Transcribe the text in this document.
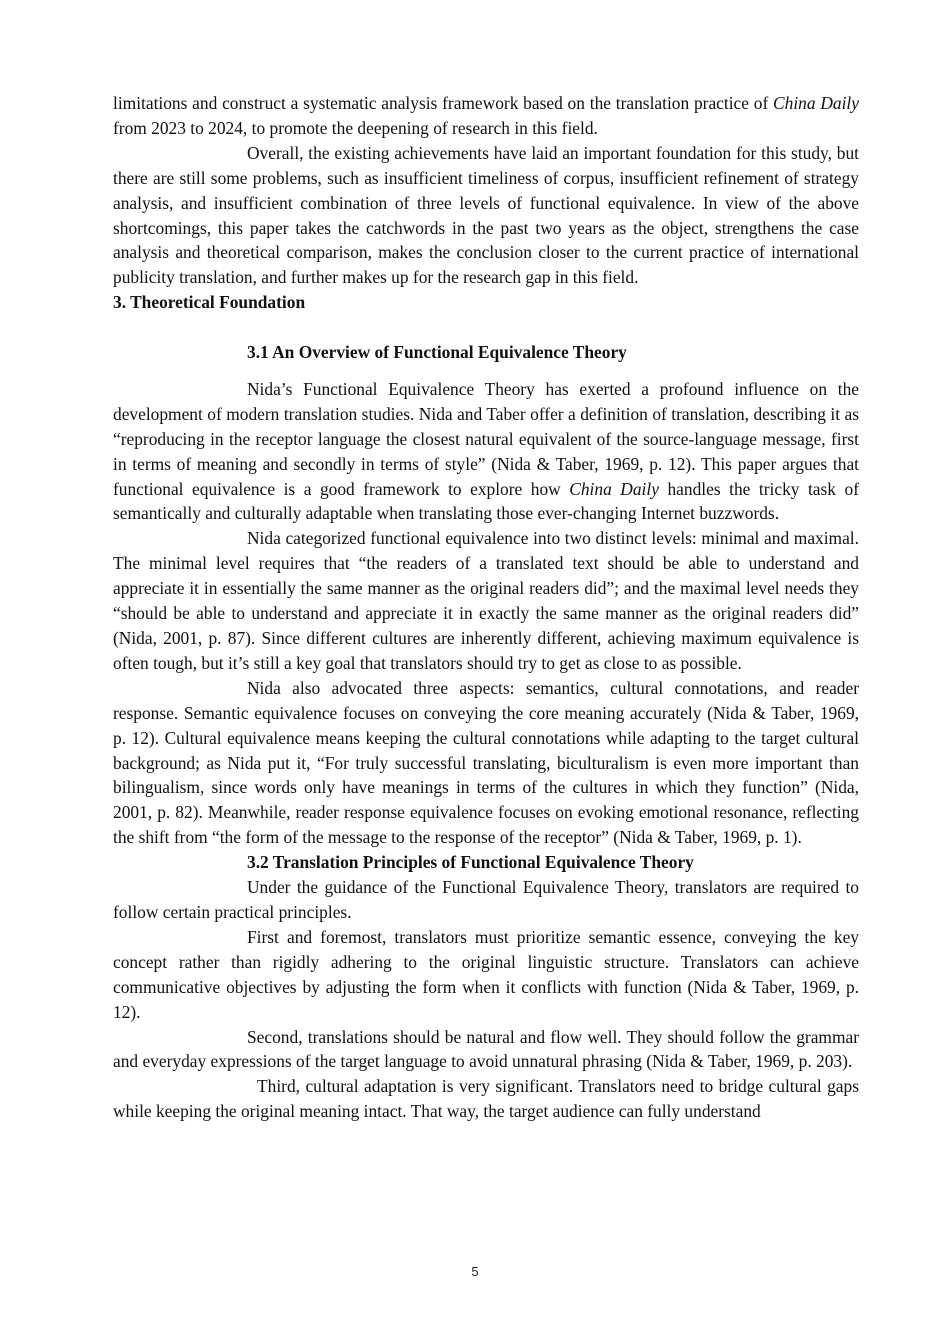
limitations and construct a systematic analysis framework based on the translation practice of China Daily from 2023 to 2024, to promote the deepening of research in this field.

Overall, the existing achievements have laid an important foundation for this study, but there are still some problems, such as insufficient timeliness of corpus, insufficient refinement of strategy analysis, and insufficient combination of three levels of functional equivalence. In view of the above shortcomings, this paper takes the catchwords in the past two years as the object, strengthens the case analysis and theoretical comparison, makes the conclusion closer to the current practice of international publicity translation, and further makes up for the research gap in this field.

3. Theoretical Foundation
3.1 An Overview of Functional Equivalence Theory

Nida’s Functional Equivalence Theory has exerted a profound influence on the development of modern translation studies. Nida and Taber offer a definition of translation, describing it as “reproducing in the receptor language the closest natural equivalent of the source-language message, first in terms of meaning and secondly in terms of style” (Nida & Taber, 1969, p. 12). This paper argues that functional equivalence is a good framework to explore how China Daily handles the tricky task of semantically and culturally adaptable when translating those ever-changing Internet buzzwords.

Nida categorized functional equivalence into two distinct levels: minimal and maximal. The minimal level requires that “the readers of a translated text should be able to understand and appreciate it in essentially the same manner as the original readers did”; and the maximal level needs they “should be able to understand and appreciate it in exactly the same manner as the original readers did” (Nida, 2001, p. 87). Since different cultures are inherently different, achieving maximum equivalence is often tough, but it’s still a key goal that translators should try to get as close to as possible.

Nida also advocated three aspects: semantics, cultural connotations, and reader response. Semantic equivalence focuses on conveying the core meaning accurately (Nida & Taber, 1969, p. 12). Cultural equivalence means keeping the cultural connotations while adapting to the target cultural background; as Nida put it, “For truly successful translating, biculturalism is even more important than bilingualism, since words only have meanings in terms of the cultures in which they function” (Nida, 2001, p. 82). Meanwhile, reader response equivalence focuses on evoking emotional resonance, reflecting the shift from “the form of the message to the response of the receptor” (Nida & Taber, 1969, p. 1).

3.2 Translation Principles of Functional Equivalence Theory

Under the guidance of the Functional Equivalence Theory, translators are required to follow certain practical principles.

First and foremost, translators must prioritize semantic essence, conveying the key concept rather than rigidly adhering to the original linguistic structure. Translators can achieve communicative objectives by adjusting the form when it conflicts with function (Nida & Taber, 1969, p. 12).

Second, translations should be natural and flow well. They should follow the grammar and everyday expressions of the target language to avoid unnatural phrasing (Nida & Taber, 1969, p. 203).

Third, cultural adaptation is very significant. Translators need to bridge cultural gaps while keeping the original meaning intact. That way, the target audience can fully understand

5
